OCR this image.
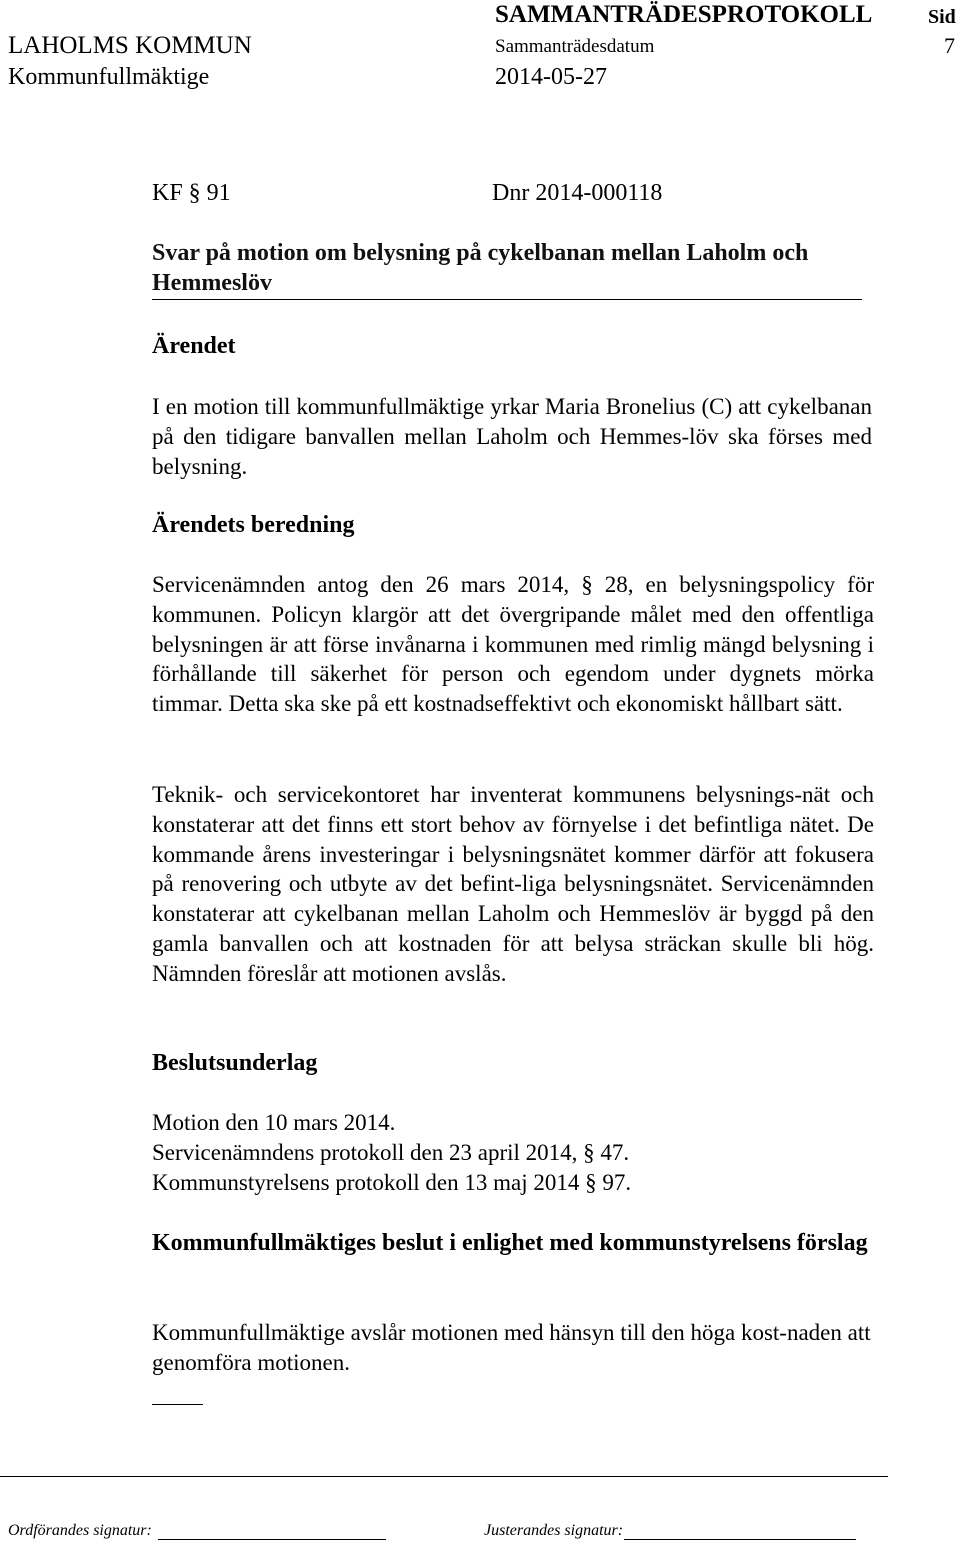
SAMMANTRÄDESPROTOKOLL	Sid
LAHOLMS KOMMUN	Sammanträdesdatum	7
Kommunfullmäktige	2014-05-27
KF § 91	Dnr 2014-000118
Svar på motion om belysning på cykelbanan mellan Laholm och Hemmeslöv
Ärendet
I en motion till kommunfullmäktige yrkar Maria Bronelius (C) att cykelbanan på den tidigare banvallen mellan Laholm och Hemmes-löv ska förses med belysning.
Ärendets beredning
Servicenämnden antog den 26 mars 2014, § 28, en belysningspolicy för kommunen. Policyn klargör att det övergripande målet med den offentliga belysningen är att förse invånarna i kommunen med rimlig mängd belysning i förhållande till säkerhet för person och egendom under dygnets mörka timmar. Detta ska ske på ett kostnadseffektivt och ekonomiskt hållbart sätt.
Teknik- och servicekontoret har inventerat kommunens belysnings-nät och konstaterar att det finns ett stort behov av förnyelse i det befintliga nätet. De kommande årens investeringar i belysningsnätet kommer därför att fokusera på renovering och utbyte av det befint-liga belysningsnätet. Servicenämnden konstaterar att cykelbanan mellan Laholm och Hemmeslöv är byggd på den gamla banvallen och att kostnaden för att belysa sträckan skulle bli hög. Nämnden föreslår att motionen avslås.
Beslutsunderlag
Motion den 10 mars 2014.
Servicenämndens protokoll den 23 april 2014, § 47.
Kommunstyrelsens protokoll den 13 maj 2014 § 97.
Kommunfullmäktiges beslut i enlighet med kommunstyrelsens förslag
Kommunfullmäktige avslår motionen med hänsyn till den höga kost-naden att genomföra motionen.
Ordförandes signatur:	Justerandes signatur:
